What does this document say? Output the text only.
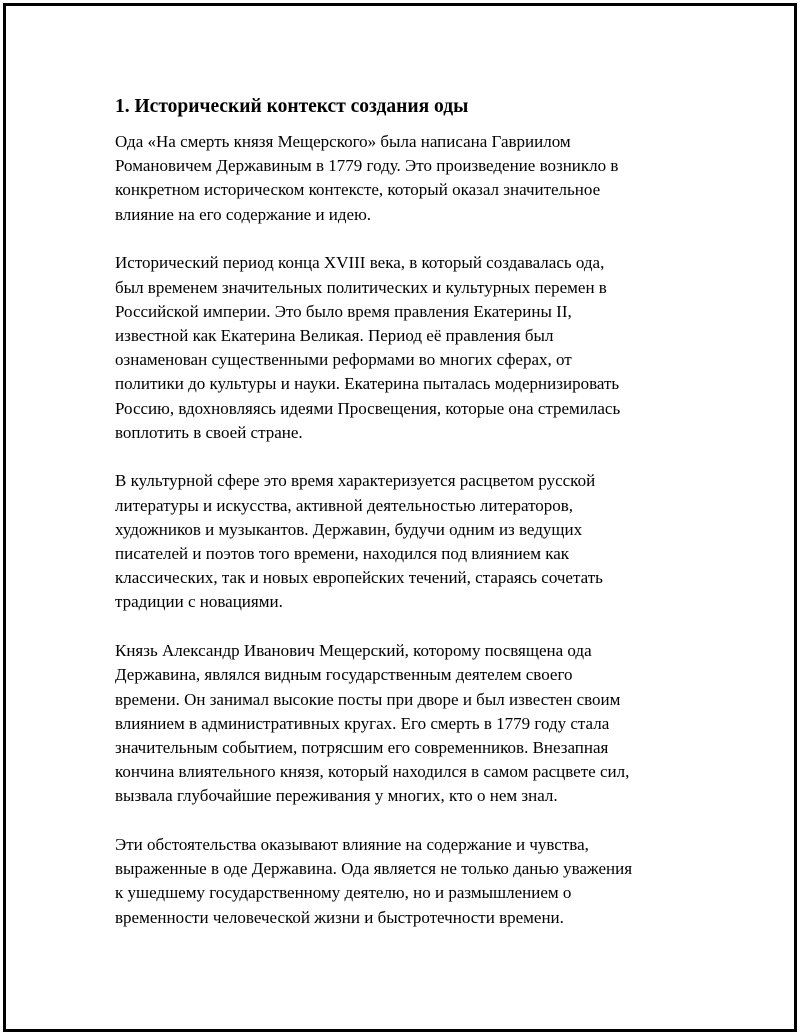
1. Исторический контекст создания оды

Ода «На смерть князя Мещерского» была написана Гавриилом
Романовичем Державиным в 1779 году. Это произведение возникло в
конкретном историческом контексте, который оказал значительное
влияние на его содержание и идею.

Исторический период конца XVIII века, в который создавалась ода,
был временем значительных политических и культурных перемен в
Российской империи. Это было время правления Екатерины II,
известной как Екатерина Великая. Период её правления был
ознаменован существенными реформами во многих сферах, от
политики до культуры и науки. Екатерина пыталась модернизировать
Россию, вдохновляясь идеями Просвещения, которые она стремилась
воплотить в своей стране.

В культурной сфере это время характеризуется расцветом русской
литературы и искусства, активной деятельностью литераторов,
художников и музыкантов. Державин, будучи одним из ведущих
писателей и поэтов того времени, находился под влиянием как
классических, так и новых европейских течений, стараясь сочетать
традиции с новациями.

Князь Александр Иванович Мещерский, которому посвящена ода
Державина, являлся видным государственным деятелем своего
времени. Он занимал высокие посты при дворе и был известен своим
влиянием в административных кругах. Его смерть в 1779 году стала
значительным событием, потрясшим его современников. Внезапная
кончина влиятельного князя, который находился в самом расцвете сил,
вызвала глубочайшие переживания у многих, кто о нем знал.

Эти обстоятельства оказывают влияние на содержание и чувства,
выраженные в оде Державина. Ода является не только данью уважения
к ушедшему государственному деятелю, но и размышлением о
временности человеческой жизни и быстротечности времени.
